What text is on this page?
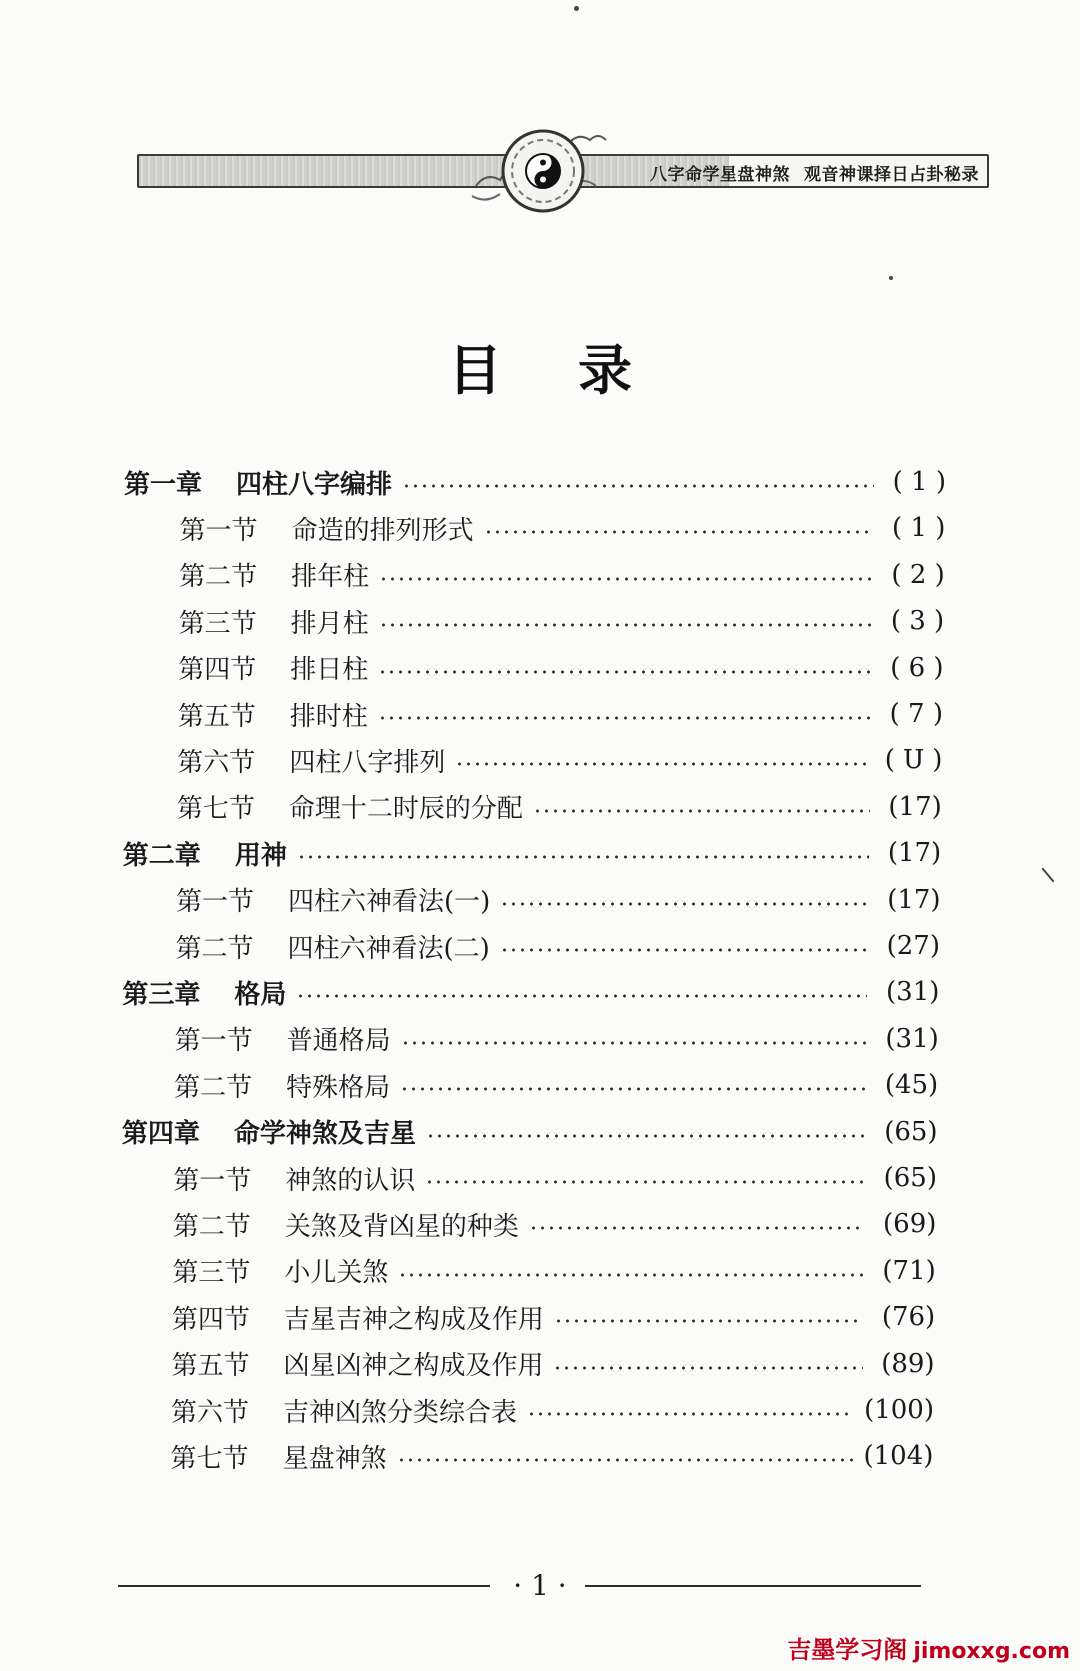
八字命学星盘神煞 观音神课择日占卦秘录
目录
第一章 四柱八字编排	( 1 )
第一节 命造的排列形式	( 1 )
第二节 排年柱	( 2 )
第三节 排月柱	( 3 )
第四节 排日柱	( 6 )
第五节 排时柱	( 7 )
第六节 四柱八字排列	( Ս )
第七节 命理十二时辰的分配	(17)
第二章 用神	(17)
第一节 四柱六神看法(一)	(17)
第二节 四柱六神看法(二)	(27)
第三章 格局	(31)
第一节 普通格局	(31)
第二节 特殊格局	(45)
第四章 命学神煞及吉星	(65)
第一节 神煞的认识	(65)
第二节 关煞及背凶星的种类	(69)
第三节 小儿关煞	(71)
第四节 吉星吉神之构成及作用	(76)
第五节 凶星凶神之构成及作用	(89)
第六节 吉神凶煞分类综合表	(100)
第七节 星盘神煞	(104)
· 1 ·
吉墨学习阁 jimoxxg.com
